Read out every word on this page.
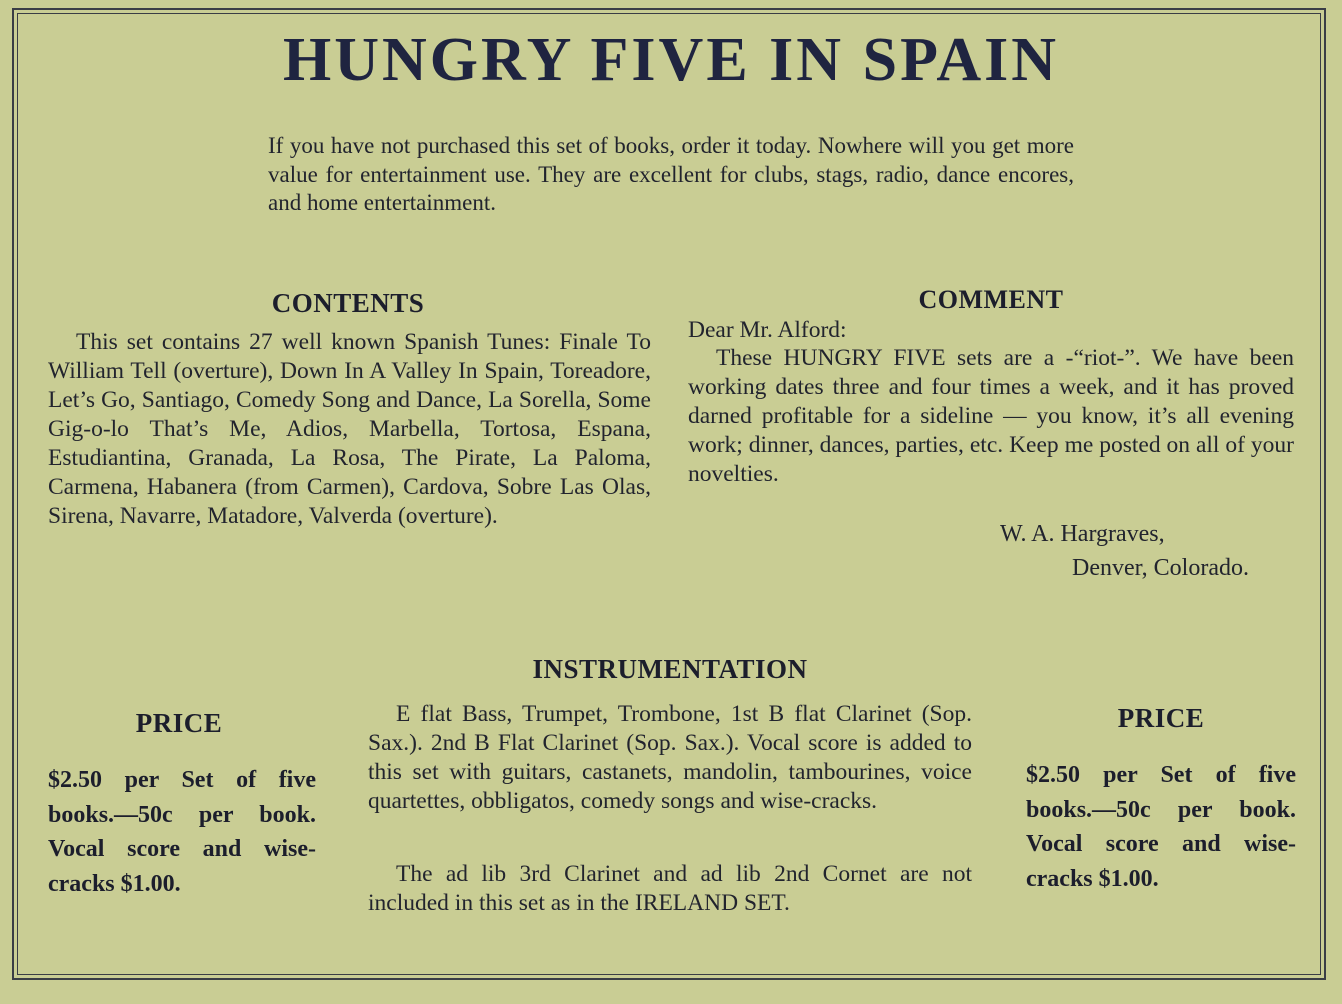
HUNGRY FIVE IN SPAIN

If you have not purchased this set of books, order it today. Nowhere will you get more value for entertainment use. They are excellent for clubs, stags, radio, dance encores, and home entertainment.

CONTENTS

This set contains 27 well known Spanish Tunes: Finale To William Tell (overture), Down In A Valley In Spain, Toreadore, Let’s Go, Santiago, Comedy Song and Dance, La Sorella, Some Gig-o-lo That’s Me, Adios, Marbella, Tortosa, Espana, Estudiantina, Granada, La Rosa, The Pirate, La Paloma, Carmena, Habanera (from Carmen), Cardova, Sobre Las Olas, Sirena, Navarre, Matadore, Valverda (overture).

COMMENT

Dear Mr. Alford:

These HUNGRY FIVE sets are a -“riot-”. We have been working dates three and four times a week, and it has proved darned profitable for a sideline — you know, it’s all evening work; dinner, dances, parties, etc. Keep me posted on all of your novelties.

W. A. Hargraves,

Denver, Colorado.

INSTRUMENTATION

E flat Bass, Trumpet, Trombone, 1st B flat Clarinet (Sop. Sax.). 2nd B Flat Clarinet (Sop. Sax.). Vocal score is added to this set with guitars, castanets, mandolin, tambourines, voice quartettes, obbligatos, comedy songs and wise-cracks.

The ad lib 3rd Clarinet and ad lib 2nd Cornet are not included in this set as in the IRELAND SET.

PRICE

$2.50 per Set of five books.—50c per book. Vocal score and wise-cracks $1.00.

PRICE

$2.50 per Set of five books.—50c per book. Vocal score and wise-cracks $1.00.
